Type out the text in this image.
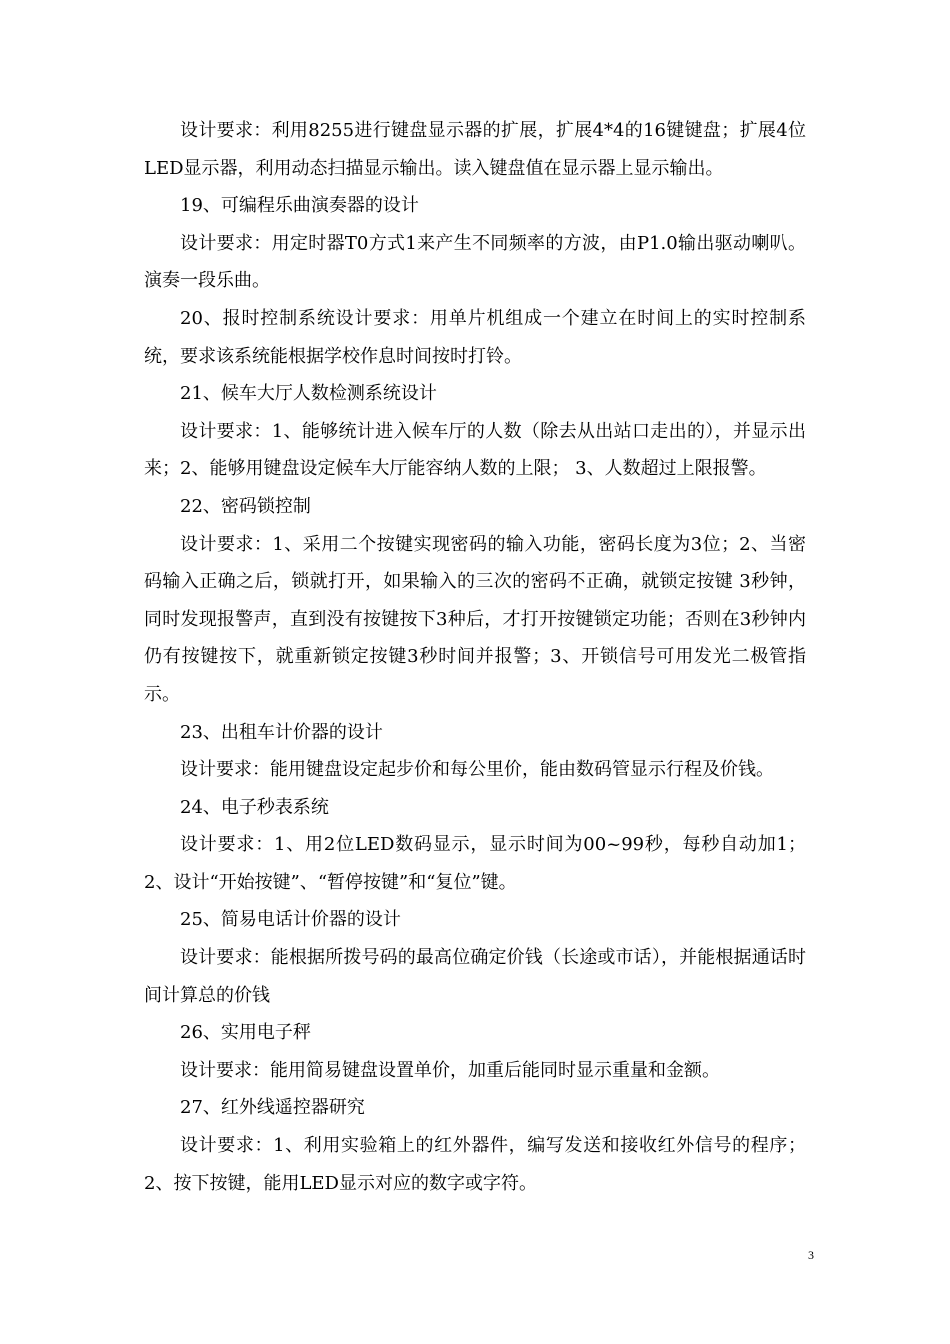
设计要求：利用8255进行键盘显示器的扩展，扩展4*4的16键键盘；扩展4位LED显示器，利用动态扫描显示输出。读入键盘值在显示器上显示输出。

19、可编程乐曲演奏器的设计

设计要求：用定时器T0方式1来产生不同频率的方波，由P1.0输出驱动喇叭。演奏一段乐曲。

20、报时控制系统设计要求：用单片机组成一个建立在时间上的实时控制系统，要求该系统能根据学校作息时间按时打铃。

21、候车大厅人数检测系统设计

设计要求：1、能够统计进入候车厅的人数（除去从出站口走出的），并显示出来；2、能够用键盘设定候车大厅能容纳人数的上限； 3、人数超过上限报警。

22、密码锁控制

设计要求：1、采用二个按键实现密码的输入功能，密码长度为3位；2、当密码输入正确之后，锁就打开，如果输入的三次的密码不正确，就锁定按键 3秒钟，同时发现报警声，直到没有按键按下3种后，才打开按键锁定功能；否则在3秒钟内仍有按键按下，就重新锁定按键3秒时间并报警；3、开锁信号可用发光二极管指示。

23、出租车计价器的设计

设计要求：能用键盘设定起步价和每公里价，能由数码管显示行程及价钱。

24、电子秒表系统

设计要求：1、用2位LED数码显示，显示时间为00~99秒，每秒自动加1；2、设计“开始按键”、“暂停按键”和“复位”键。

25、简易电话计价器的设计

设计要求：能根据所拨号码的最高位确定价钱（长途或市话），并能根据通话时间计算总的价钱

26、实用电子秤

设计要求：能用简易键盘设置单价，加重后能同时显示重量和金额。

27、红外线遥控器研究

设计要求：1、利用实验箱上的红外器件，编写发送和接收红外信号的程序；2、按下按键，能用LED显示对应的数字或字符。

3
